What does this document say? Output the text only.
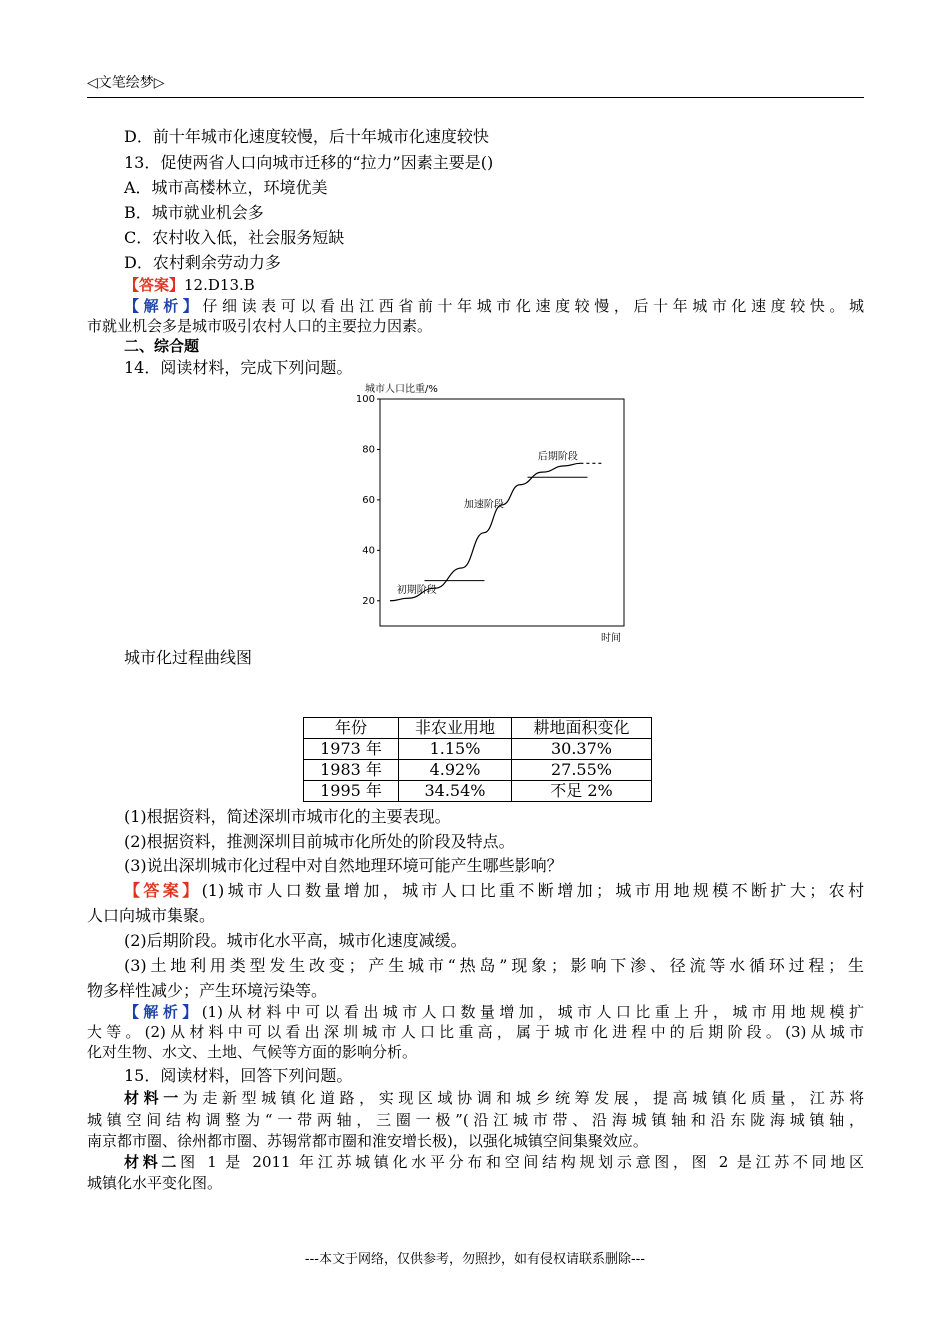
◁文笔绘梦▷
D．前十年城市化速度较慢，后十年城市化速度较快
13．促使两省人口向城市迁移的“拉力”因素主要是()
A．城市高楼林立，环境优美
B．城市就业机会多
C．农村收入低，社会服务短缺
D．农村剩余劳动力多
【答案】12.D13.B
【解析】仔细读表可以看出江西省前十年城市化速度较慢，后十年城市化速度较快。城
市就业机会多是城市吸引农村人口的主要拉力因素。
二、综合题
14．阅读材料，完成下列问题。
城市人口比重/%
20
40
60
80
100
初期阶段
加速阶段
后期阶段
时间
城市化过程曲线图
年份	非农业用地	耕地面积变化
1973 年	1.15%	30.37%
1983 年	4.92%	27.55%
1995 年	34.54%	不足 2%
(1)根据资料，简述深圳市城市化的主要表现。
(2)根据资料，推测深圳目前城市化所处的阶段及特点。
(3)说出深圳城市化过程中对自然地理环境可能产生哪些影响？
【答案】(1)城市人口数量增加，城市人口比重不断增加；城市用地规模不断扩大；农村
人口向城市集聚。
(2)后期阶段。城市化水平高，城市化速度减缓。
(3)土地利用类型发生改变；产生城市“热岛”现象；影响下渗、径流等水循环过程；生
物多样性减少；产生环境污染等。
【解析】(1)从材料中可以看出城市人口数量增加，城市人口比重上升，城市用地规模扩
大等。(2)从材料中可以看出深圳城市人口比重高，属于城市化进程中的后期阶段。(3)从城市
化对生物、水文、土地、气候等方面的影响分析。
15．阅读材料，回答下列问题。
材料一为走新型城镇化道路，实现区域协调和城乡统筹发展，提高城镇化质量，江苏将
城镇空间结构调整为“一带两轴，三圈一极”(沿江城市带、沿海城镇轴和沿东陇海城镇轴，
南京都市圈、徐州都市圈、苏锡常都市圈和淮安增长极)，以强化城镇空间集聚效应。
材料二图 1 是 2011 年江苏城镇化水平分布和空间结构规划示意图，图 2 是江苏不同地区
城镇化水平变化图。
---本文于网络，仅供参考，勿照抄，如有侵权请联系删除---
